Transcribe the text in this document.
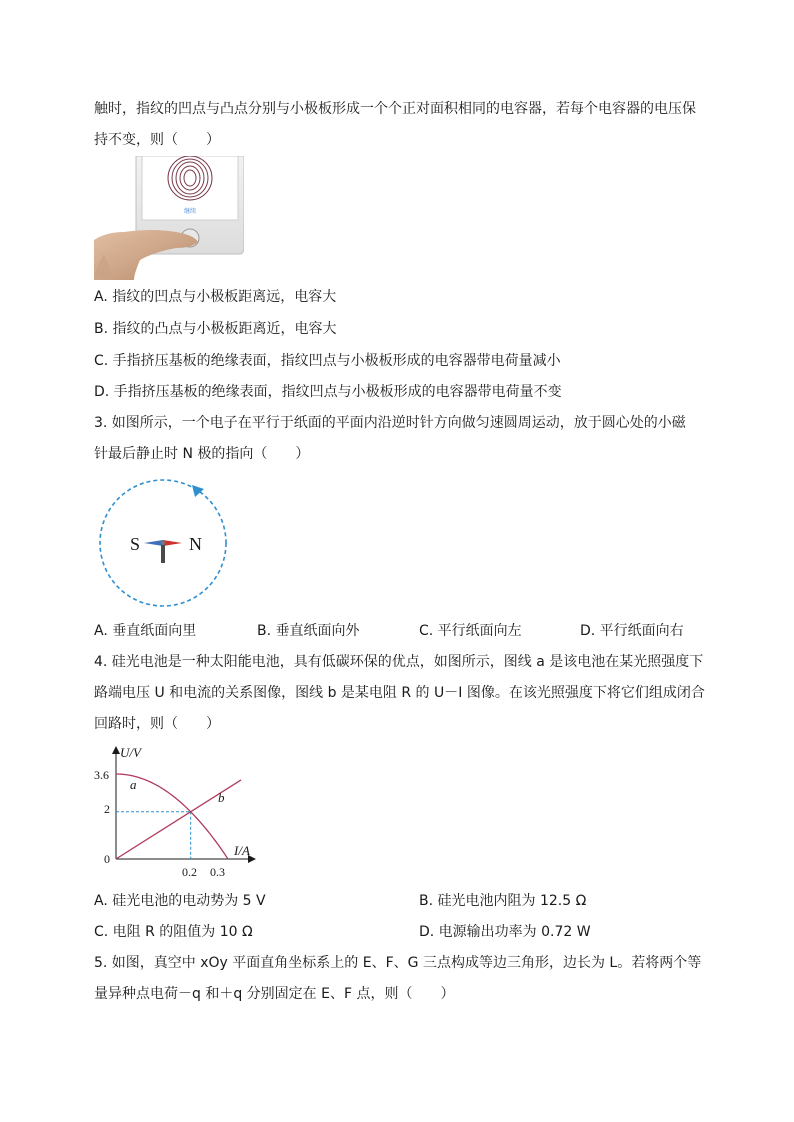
触时，指纹的凹点与凸点分别与小极板形成一个个正对面积相同的电容器，若每个电容器的电压保
持不变，则（　　）
继续
A. 指纹的凹点与小极板距离远，电容大
B. 指纹的凸点与小极板距离近，电容大
C. 手指挤压基板的绝缘表面，指纹凹点与小极板形成的电容器带电荷量减小
D. 手指挤压基板的绝缘表面，指纹凹点与小极板形成的电容器带电荷量不变
3. 如图所示，一个电子在平行于纸面的平面内沿逆时针方向做匀速圆周运动，放于圆心处的小磁
针最后静止时 N 极的指向（　　）
S	N
A. 垂直纸面向里	B. 垂直纸面向外	C. 平行纸面向左	D. 平行纸面向右
4. 硅光电池是一种太阳能电池，具有低碳环保的优点，如图所示，图线 a 是该电池在某光照强度下
路端电压 U 和电流的关系图像，图线 b 是某电阻 R 的 U－I 图像。在该光照强度下将它们组成闭合
回路时，则（　　）
U/V
I/A
3.6
2
0
0.2 0.3
a
b
A. 硅光电池的电动势为 5 V	B. 硅光电池内阻为 12.5 Ω
C. 电阻 R 的阻值为 10 Ω	D. 电源输出功率为 0.72 W
5. 如图，真空中 xOy 平面直角坐标系上的 E、F、G 三点构成等边三角形，边长为 L。若将两个等
量异种点电荷－q 和＋q 分别固定在 E、F 点，则（　　）
